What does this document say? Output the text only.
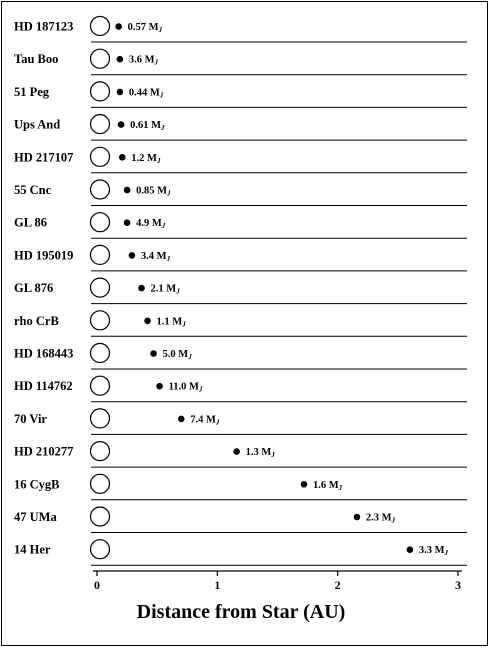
HD 187123	0.57 MJ
Tau Boo	3.6 MJ
51 Peg	0.44 MJ
Ups And	0.61 MJ
HD 217107	1.2 MJ
55 Cnc	0.85 MJ
GL 86	4.9 MJ
HD 195019	3.4 MJ
GL 876	2.1 MJ
rho CrB	1.1 MJ
HD 168443	5.0 MJ
HD 114762	11.0 MJ
70 Vir	7.4 MJ
HD 210277	1.3 MJ
16 CygB	1.6 MJ
47 UMa	2.3 MJ
14 Her	3.3 MJ
0	1	2	3
Distance from Star (AU)
